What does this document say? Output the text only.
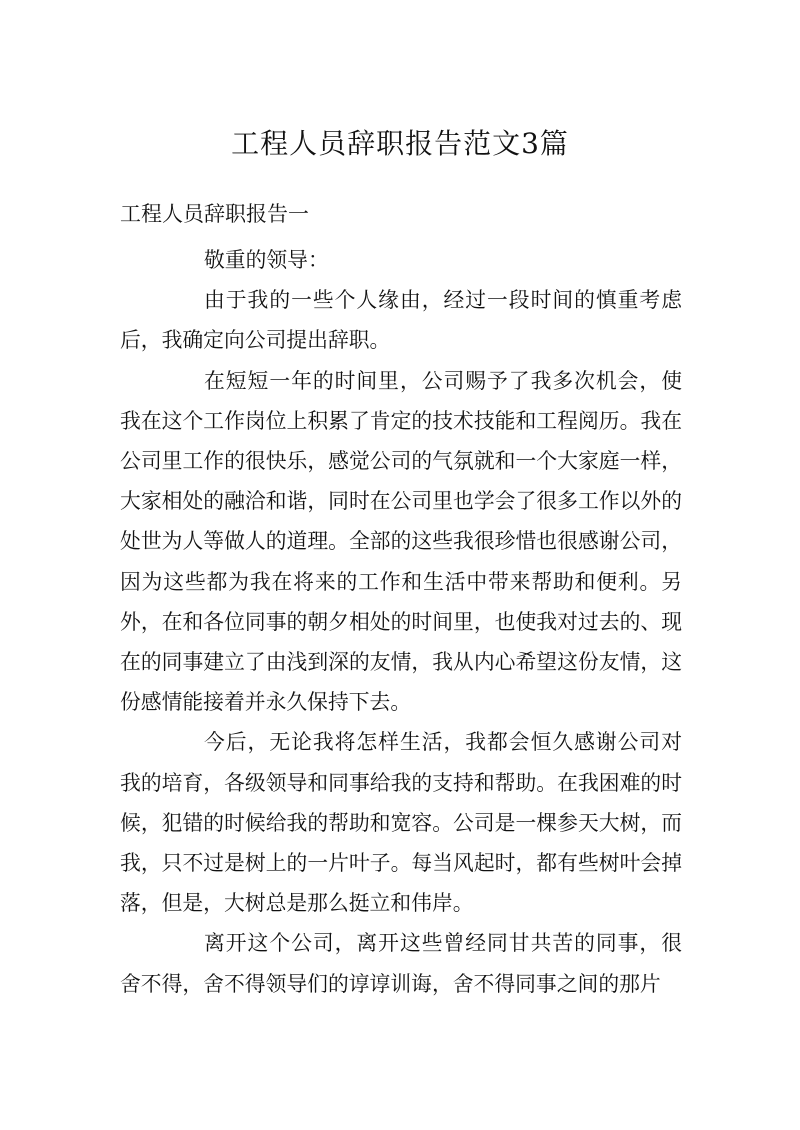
工程人员辞职报告范文3篇
工程人员辞职报告一

敬重的领导：

由于我的一些个人缘由，经过一段时间的慎重考虑后，我确定向公司提出辞职。

在短短一年的时间里，公司赐予了我多次机会，使我在这个工作岗位上积累了肯定的技术技能和工程阅历。我在公司里工作的很快乐，感觉公司的气氛就和一个大家庭一样，大家相处的融洽和谐，同时在公司里也学会了很多工作以外的处世为人等做人的道理。全部的这些我很珍惜也很感谢公司，因为这些都为我在将来的工作和生活中带来帮助和便利。另外，在和各位同事的朝夕相处的时间里，也使我对过去的、现在的同事建立了由浅到深的友情，我从内心希望这份友情，这份感情能接着并永久保持下去。

今后，无论我将怎样生活，我都会恒久感谢公司对我的培育，各级领导和同事给我的支持和帮助。在我困难的时候，犯错的时候给我的帮助和宽容。公司是一棵参天大树，而我，只不过是树上的一片叶子。每当风起时，都有些树叶会掉落，但是，大树总是那么挺立和伟岸。

离开这个公司，离开这些曾经同甘共苦的同事，很舍不得，舍不得领导们的谆谆训诲，舍不得同事之间的那片
